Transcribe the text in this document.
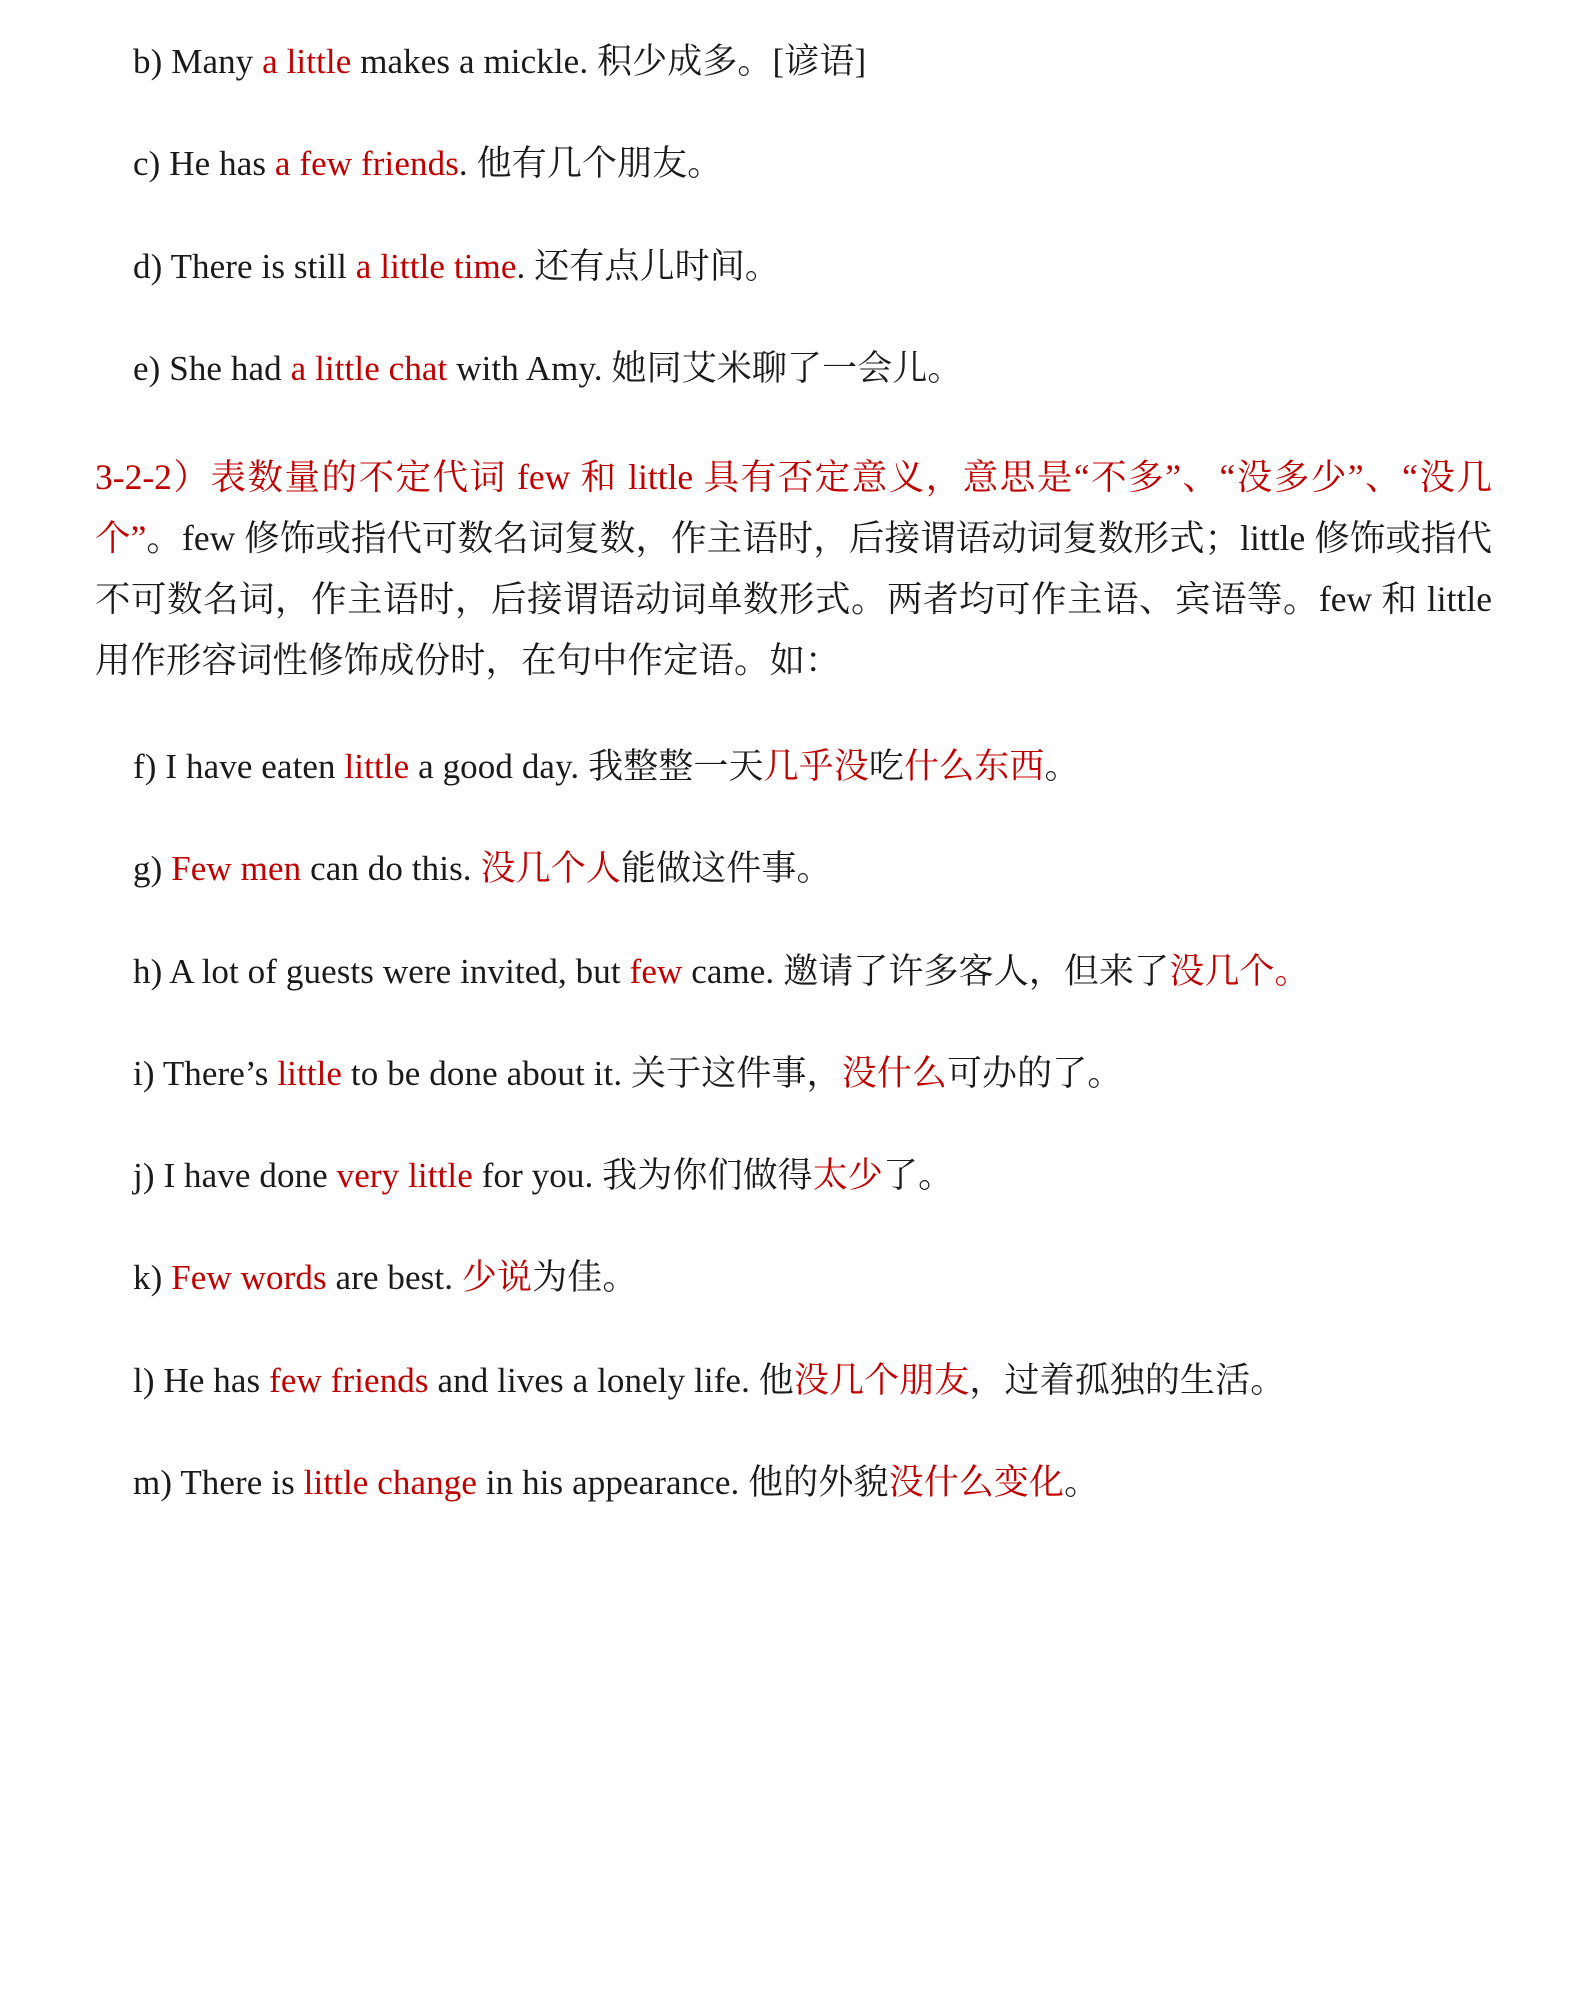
b) Many a little makes a mickle. 积少成多。[谚语]

c) He has a few friends. 他有几个朋友。

d) There is still a little time. 还有点儿时间。

e) She had a little chat with Amy. 她同艾米聊了一会儿。

3-2-2）表数量的不定代词 few 和 little 具有否定意义，意思是“不多”、“没多少”、“没几个”。few 修饰或指代可数名词复数，作主语时，后接谓语动词复数形式；little 修饰或指代不可数名词，作主语时，后接谓语动词单数形式。两者均可作主语、宾语等。few 和 little 用作形容词性修饰成份时，在句中作定语。如：

f) I have eaten little a good day. 我整整一天几乎没吃什么东西。

g) Few men can do this. 没几个人能做这件事。

h) A lot of guests were invited, but few came. 邀请了许多客人，但来了没几个。

i) There’s little to be done about it. 关于这件事，没什么可办的了。

j) I have done very little for you. 我为你们做得太少了。

k) Few words are best. 少说为佳。

l) He has few friends and lives a lonely life. 他没几个朋友，过着孤独的生活。

m) There is little change in his appearance. 他的外貌没什么变化。
